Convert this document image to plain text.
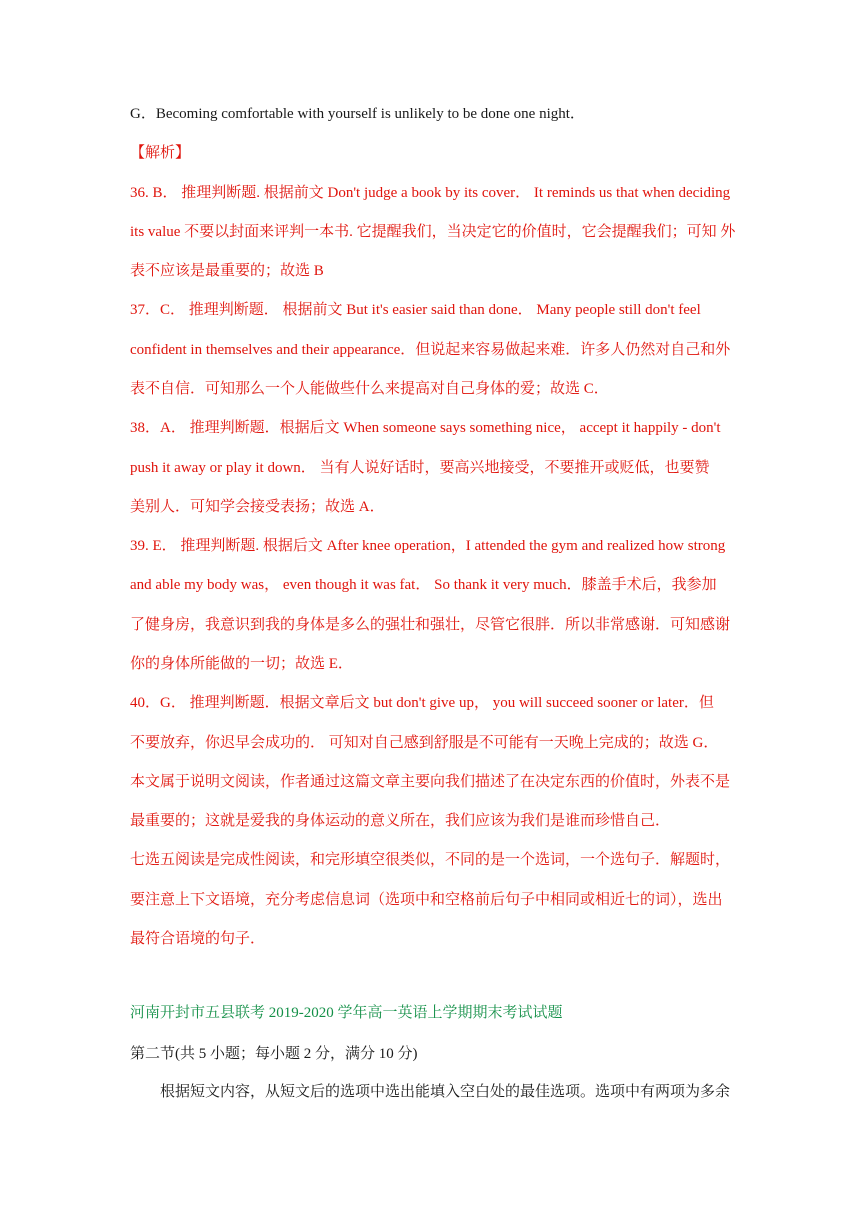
G．Becoming comfortable with yourself is unlikely to be done one night．
【解析】
36. B． 推理判断题. 根据前文 Don't judge a book by its cover． It reminds us that when deciding
its value 不要以封面来评判一本书. 它提醒我们，当决定它的价值时，它会提醒我们；可知 外
表不应该是最重要的；故选 B
37．C． 推理判断题． 根据前文 But it's easier said than done． Many people still don't feel
confident in themselves and their appearance．但说起来容易做起来难．许多人仍然对自己和外
表不自信．可知那么一个人能做些什么来提高对自己身体的爱；故选 C．
38．A． 推理判断题．根据后文 When someone says something nice， accept it happily - don't
push it away or play it down． 当有人说好话时，要高兴地接受，不要推开或贬低，也要赞
美别人．可知学会接受表扬；故选 A．
39. E． 推理判断题. 根据后文 After knee operation，I attended the gym and realized how strong
and able my body was， even though it was fat． So thank it very much．膝盖手术后，我参加
了健身房，我意识到我的身体是多么的强壮和强壮，尽管它很胖．所以非常感谢．可知感谢
你的身体所能做的一切；故选 E．
40．G． 推理判断题．根据文章后文 but don't give up， you will succeed sooner or later．但
不要放弃，你迟早会成功的． 可知对自己感到舒服是不可能有一天晚上完成的；故选 G．
本文属于说明文阅读，作者通过这篇文章主要向我们描述了在决定东西的价值时，外表不是
最重要的；这就是爱我的身体运动的意义所在，我们应该为我们是谁而珍惜自己．
七选五阅读是完成性阅读，和完形填空很类似，不同的是一个选词，一个选句子．解题时，
要注意上下文语境，充分考虑信息词（选项中和空格前后句子中相同或相近七的词），选出
最符合语境的句子．
河南开封市五县联考 2019-2020 学年高一英语上学期期末考试试题
第二节(共 5 小题；每小题 2 分，满分 10 分)
根据短文内容，从短文后的选项中选出能填入空白处的最佳选项。选项中有两项为多余
